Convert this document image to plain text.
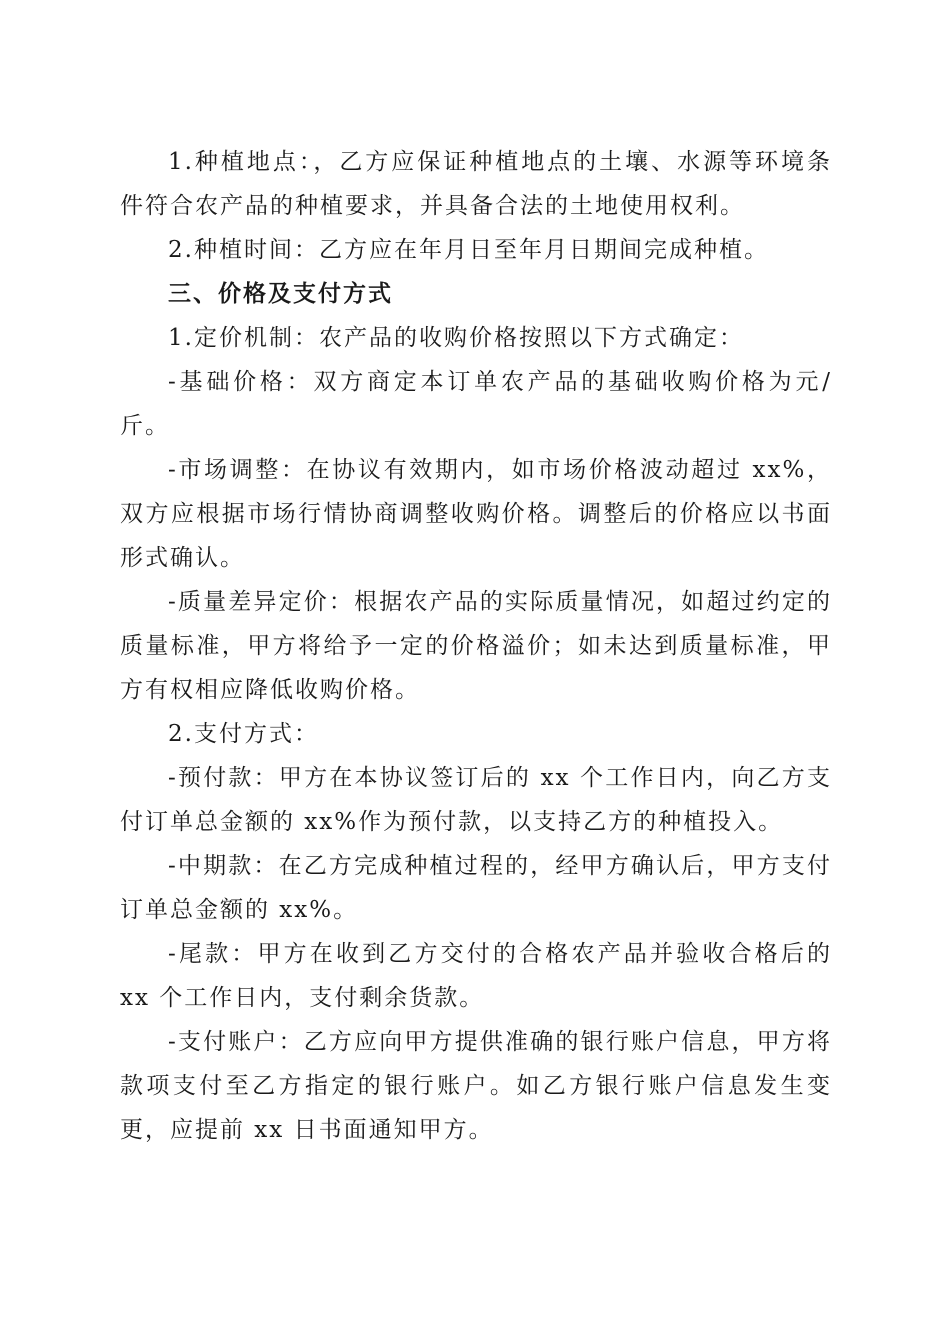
1.种植地点：，乙方应保证种植地点的土壤、水源等环境条件符合农产品的种植要求，并具备合法的土地使用权利。

2.种植时间：乙方应在年月日至年月日期间完成种植。

三、价格及支付方式

1.定价机制：农产品的收购价格按照以下方式确定：

-基础价格：双方商定本订单农产品的基础收购价格为元/斤。

-市场调整：在协议有效期内，如市场价格波动超过 xx%，双方应根据市场行情协商调整收购价格。调整后的价格应以书面形式确认。

-质量差异定价：根据农产品的实际质量情况，如超过约定的质量标准，甲方将给予一定的价格溢价；如未达到质量标准，甲方有权相应降低收购价格。

2.支付方式：

-预付款：甲方在本协议签订后的 xx 个工作日内，向乙方支付订单总金额的 xx%作为预付款，以支持乙方的种植投入。

-中期款：在乙方完成种植过程的，经甲方确认后，甲方支付订单总金额的 xx%。

-尾款：甲方在收到乙方交付的合格农产品并验收合格后的 xx 个工作日内，支付剩余货款。

-支付账户：乙方应向甲方提供准确的银行账户信息，甲方将款项支付至乙方指定的银行账户。如乙方银行账户信息发生变更，应提前 xx 日书面通知甲方。
